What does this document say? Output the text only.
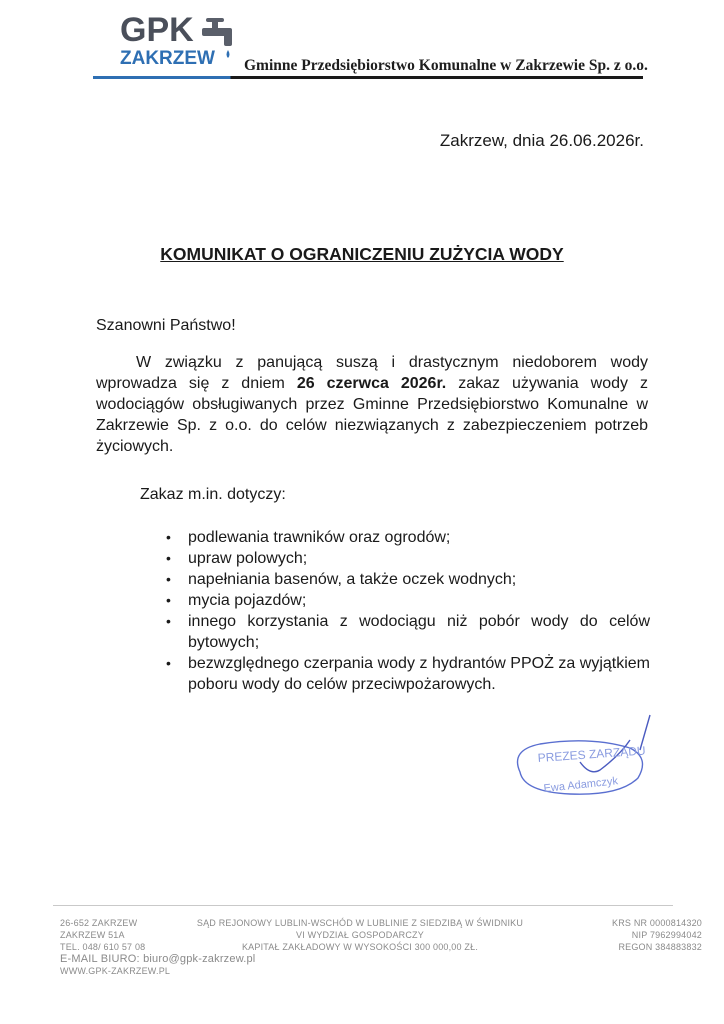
GPK
ZAKRZEW Gminne Przedsiębiorstwo Komunalne w Zakrzewie Sp. z o.o.
Zakrzew, dnia 26.06.2026r.
KOMUNIKAT O OGRANICZENIU ZUŻYCIA WODY
Szanowni Państwo!
W związku z panującą suszą i drastycznym niedoborem wody wprowadza się z dniem 26 czerwca 2026r. zakaz używania wody z wodociągów obsługiwanych przez Gminne Przedsiębiorstwo Komunalne w Zakrzewie Sp. z o.o. do celów niezwiązanych z zabezpieczeniem potrzeb życiowych.
Zakaz m.in. dotyczy:
• podlewania trawników oraz ogrodów;
• upraw polowych;
• napełniania basenów, a także oczek wodnych;
• mycia pojazdów;
• innego korzystania z wodociągu niż pobór wody do celów bytowych;
• bezwzględnego czerpania wody z hydrantów PPOŻ za wyjątkiem poboru wody do celów przeciwpożarowych.
PREZES ZARZĄDU
Ewa Adamczyk
26-652 ZAKRZEW
ZAKRZEW 51A
TEL. 048/ 610 57 08
E-MAIL BIURO: biuro@gpk-zakrzew.pl
WWW.GPK-ZAKRZEW.PL
SĄD REJONOWY LUBLIN-WSCHÓD W LUBLINIE Z SIEDZIBĄ W ŚWIDNIKU
VI WYDZIAŁ GOSPODARCZY
KAPITAŁ ZAKŁADOWY W WYSOKOŚCI 300 000,00 ZŁ.
KRS NR 0000814320
NIP 7962994042
REGON 384883832
